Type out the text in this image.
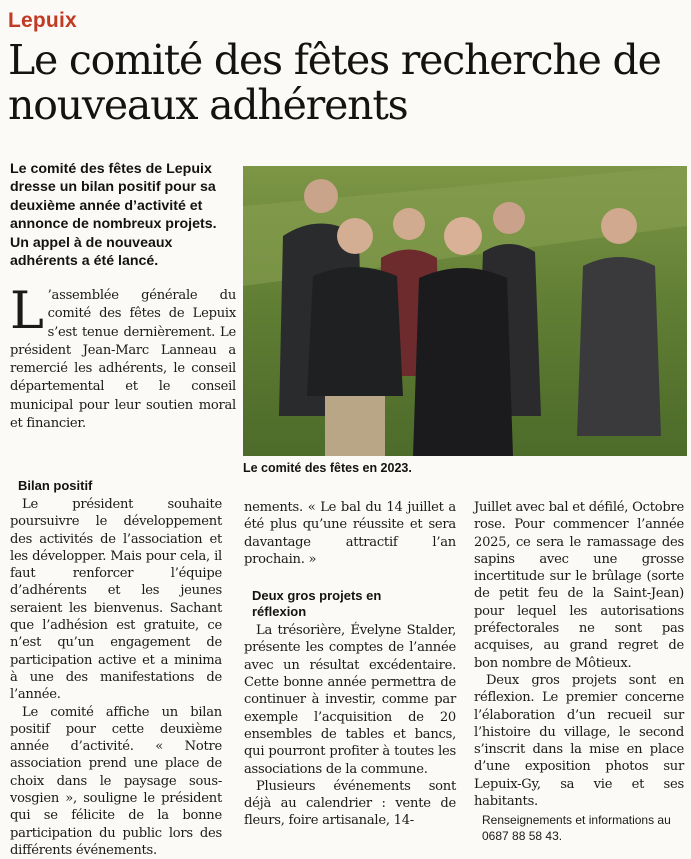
Lepuix
Le comité des fêtes recherche de nouveaux adhérents

Le comité des fêtes de Lepuix dresse un bilan positif pour sa deuxième année d’activité et annonce de nombreux projets. Un appel à de nouveaux adhérents a été lancé.

Le comité des fêtes en 2023.

L ’assemblée générale du comité des fêtes de Lepuix s’est tenue dernièrement. Le président Jean-Marc Lanneau a remercié les adhérents, le conseil départemental et le conseil municipal pour leur soutien moral et financier.

Bilan positif

Le président souhaite poursuivre le développement des activités de l’association et les développer. Mais pour cela, il faut renforcer l’équipe d’adhérents et les jeunes seraient les bienvenus. Sachant que l’adhésion est gratuite, ce n’est qu’un engagement de participation active et a minima à une des manifestations de l’année.

Le comité affiche un bilan positif pour cette deuxième année d’activité. « Notre association prend une place de choix dans le paysage sous-vosgien », souligne le président qui se félicite de la bonne participation du public lors des différents événements.

nements. « Le bal du 14 juillet a été plus qu’une réussite et sera davantage attractif l’an prochain. »

Deux gros projets en réflexion

La trésorière, Évelyne Stalder, présente les comptes de l’année avec un résultat excédentaire. Cette bonne année permettra de continuer à investir, comme par exemple l’acquisition de 20 ensembles de tables et bancs, qui pourront profiter à toutes les associations de la commune.

Plusieurs événements sont déjà au calendrier : vente de fleurs, foire artisanale, 14-

Juillet avec bal et défilé, Octobre rose. Pour commencer l’année 2025, ce sera le ramassage des sapins avec une grosse incertitude sur le brûlage (sorte de petit feu de la Saint-Jean) pour lequel les autorisations préfectorales ne sont pas acquises, au grand regret de bon nombre de Môtieux.

Deux gros projets sont en réflexion. Le premier concerne l’élaboration d’un recueil sur l’histoire du village, le second s’inscrit dans la mise en place d’une exposition photos sur Lepuix-Gy, sa vie et ses habitants.

Renseignements et informations au 0687 88 58 43.
